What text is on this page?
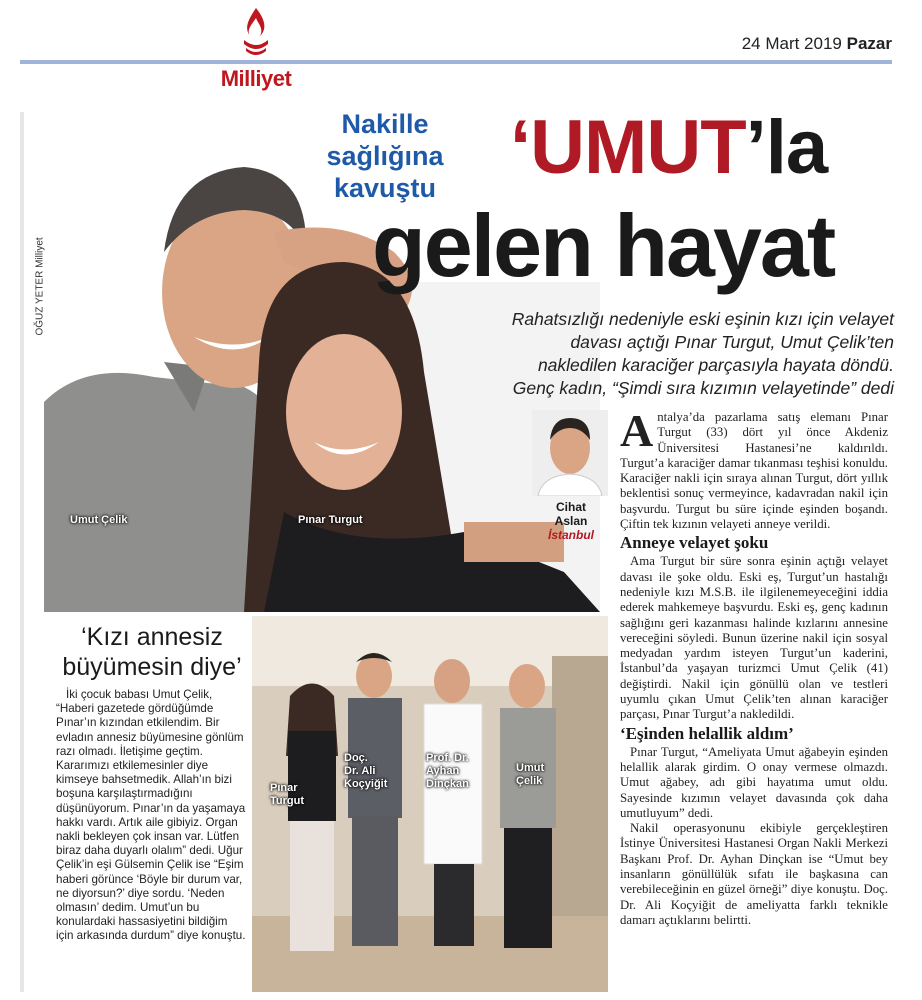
Milliyet
24 Mart 2019 Pazar
OĞUZ YETER Milliyet
Umut Çelik	Pınar Turgut
Nakille
sağlığına
kavuştu ‘UMUT’la
gelen hayat
Rahatsızlığı nedeniyle eski eşinin kızı için velayet
davası açtığı Pınar Turgut, Umut Çelik’ten
nakledilen karaciğer parçasıyla hayata döndü.
Genç kadın, “Şimdi sıra kızımın velayetinde” dedi
Cihat
Aslan
İstanbul

Antalya’da pazarlama satış elemanı Pınar Turgut (33) dört yıl önce Akdeniz Üniversitesi Hastanesi’ne kaldırıldı. Turgut’a karaciğer damar tıkanması teşhisi konuldu. Karaciğer nakli için sıraya alınan Turgut, dört yıllık beklentisi sonuç vermeyince, kadavradan nakil için başvurdu. Turgut bu süre içinde eşinden boşandı. Çiftin tek kızının velayeti anneye verildi.

Anneye velayet şoku

Ama Turgut bir süre sonra eşinin açtığı velayet davası ile şoke oldu. Eski eş, Turgut’un hastalığı nedeniyle kızı M.S.B. ile ilgilenemeyeceğini iddia ederek mahkemeye başvurdu. Eski eş, genç kadının sağlığını geri kazanması halinde kızlarını annesine vereceğini söyledi. Bunun üzerine nakil için sosyal medyadan yardım isteyen Turgut’un kaderini, İstanbul’da yaşayan turizmci Umut Çelik (41) değiştirdi. Nakil için gönüllü olan ve testleri uyumlu çıkan Umut Çelik’ten alınan karaciğer parçası, Pınar Turgut’a nakledildi.

‘Eşinden helallik aldım’

Pınar Turgut, “Ameliyata Umut ağabeyin eşinden helallik alarak girdim. O onay vermese olmazdı. Umut ağabey, adı gibi hayatıma umut oldu. Sayesinde kızımın velayet davasında çok daha umutluyum” dedi.

Nakil operasyonunu ekibiyle gerçekleştiren İstinye Üniversitesi Hastanesi Organ Nakli Merkezi Başkanı Prof. Dr. Ayhan Dinçkan ise “Umut bey insanların gönüllülük sıfatı ile başkasına can verebileceğinin en güzel örneği” diye konuştu. Doç. Dr. Ali Koçyiğit de ameliyatta farklı teknikle damarı açtıklarını belirtti.

‘Kızı annesiz
büyümesin diye’

İki çocuk babası Umut Çelik, “Haberi gazetede gördüğümde Pınar’ın kızından etkilendim. Bir evladın annesiz büyümesine gönlüm razı olmadı. İletişime geçtim. Kararımızı etkilemesinler diye kimseye bahsetmedik. Allah’ın bizi boşuna karşılaştırmadığını düşünüyorum. Pınar’ın da yaşamaya hakkı vardı. Artık aile gibiyiz. Organ nakli bekleyen çok insan var. Lütfen biraz daha duyarlı olalım” dedi. Uğur Çelik’in eşi Gülsemin Çelik ise “Eşim haberi görünce ‘Böyle bir durum var, ne diyorsun?’ diye sordu. ‘Neden olmasın’ dedim. Umut’un bu konulardaki hassasiyetini bildiğim için arkasında durdum” diye konuştu.

Pınar
Turgut
Doç.
Dr. Ali
Koçyiğit
Prof. Dr.
Ayhan
Dinçkan
Umut
Çelik
